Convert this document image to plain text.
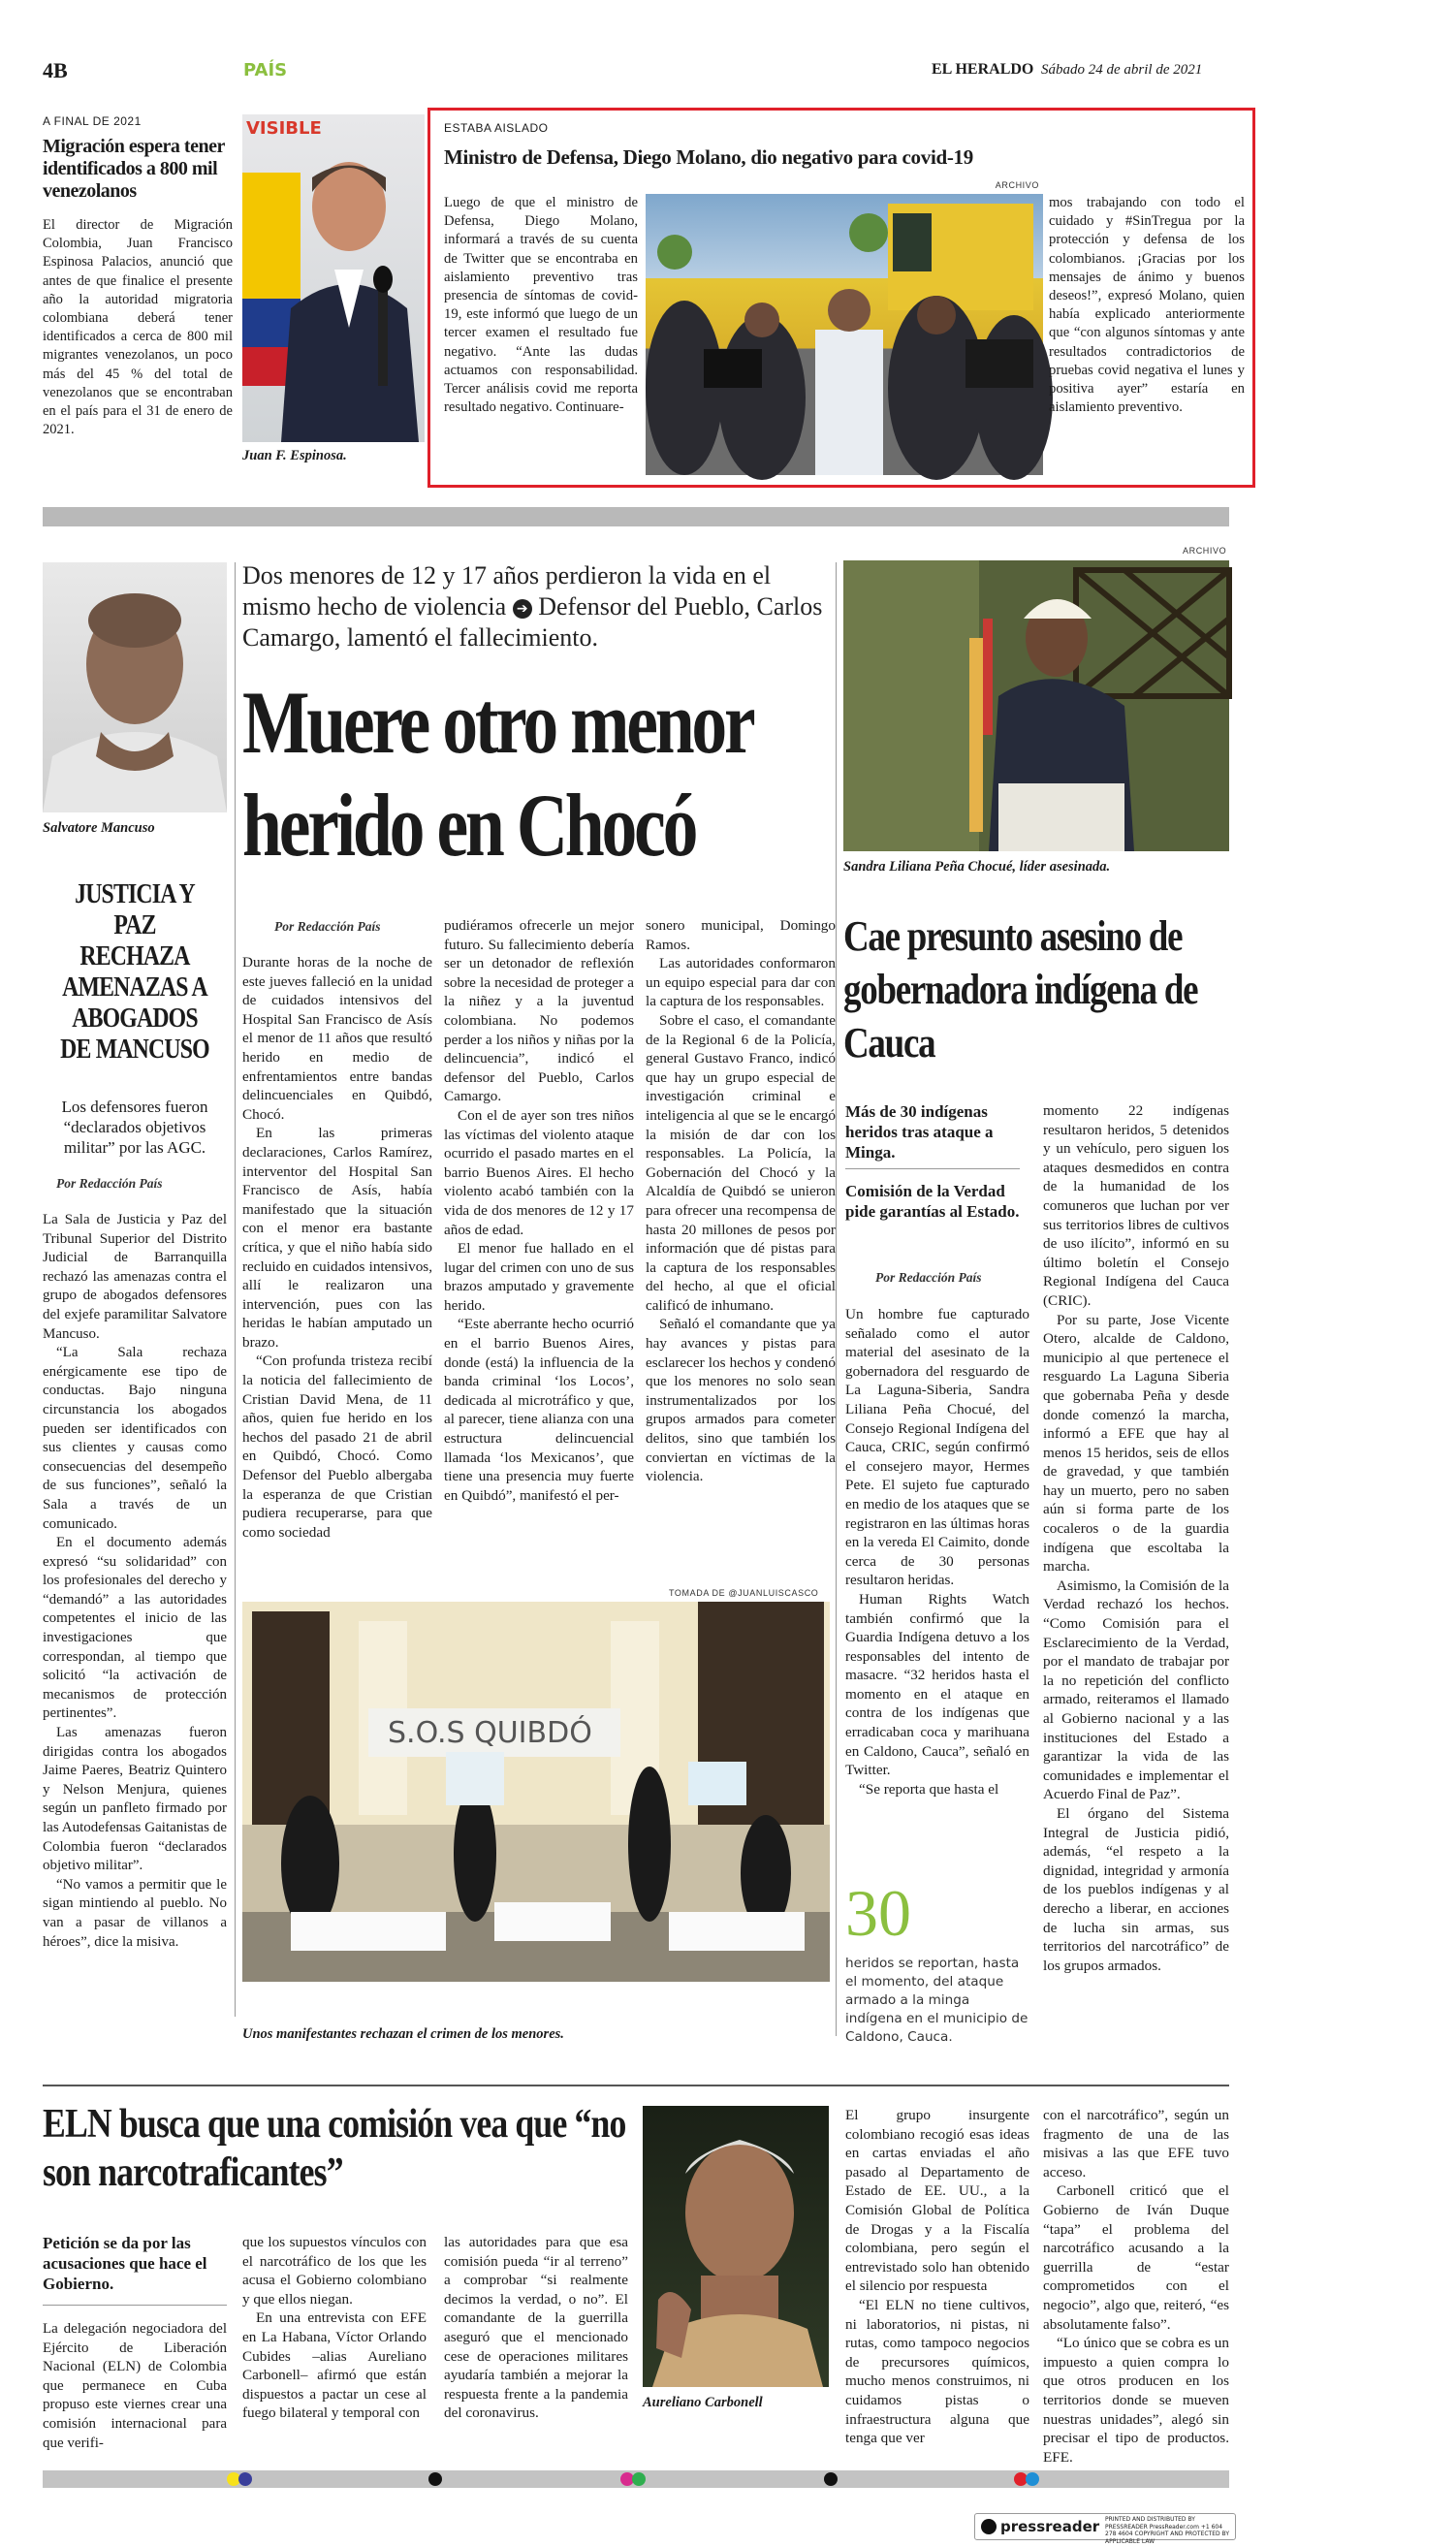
4B	PAÍS	EL HERALDO Sábado 24 de abril de 2021
A FINAL DE 2021
Migración espera tener identificados a 800 mil venezolanos
El director de Migración Colombia, Juan Francisco Espinosa Palacios, anunció que antes de que finalice el presente año la autoridad migratoria colombiana deberá tener identificados a cerca de 800 mil migrantes venezolanos, un poco más del 45 % del total de venezolanos que se encontraban en el país para el 31 de enero de 2021.
VISIBLE
Juan F. Espinosa.
ESTABA AISLADO
Ministro de Defensa, Diego Molano, dio negativo para covid-19
Luego de que el ministro de Defensa, Diego Molano, informará a través de su cuenta de Twitter que se encontraba en aislamiento preventivo tras presencia de síntomas de covid-19, este informó que luego de un tercer examen el resultado fue negativo. “Ante las dudas actuamos con responsabilidad. Tercer análisis covid me reporta resultado negativo. Continuare-
ARCHIVO
mos trabajando con todo el cuidado y #SinTregua por la protección y defensa de los colombianos. ¡Gracias por los mensajes de ánimo y buenos deseos!”, expresó Molano, quien había explicado anteriormente que “con algunos síntomas y ante resultados contradictorios de pruebas covid negativa el lunes y positiva ayer” estaría en aislamiento preventivo.
Salvatore Mancuso
JUSTICIA Y PAZ RECHAZA AMENAZAS A ABOGADOS DE MANCUSO
Los defensores fueron “declarados objetivos militar” por las AGC.
Por Redacción País

La Sala de Justicia y Paz del Tribunal Superior del Distrito Judicial de Barranquilla rechazó las amenazas contra el grupo de abogados defensores del exjefe paramilitar Salvatore Mancuso.

“La Sala rechaza enérgicamente ese tipo de conductas. Bajo ninguna circunstancia los abogados pueden ser identificados con sus clientes y causas como consecuencias del desempeño de sus funciones”, señaló la Sala a través de un comunicado.

En el documento además expresó “su solidaridad” con los profesionales del derecho y “demandó” a las autoridades competentes el inicio de las investigaciones que correspondan, al tiempo que solicitó “la activación de mecanismos de protección pertinentes”.

Las amenazas fueron dirigidas contra los abogados Jaime Paeres, Beatriz Quintero y Nelson Menjura, quienes según un panfleto firmado por las Autodefensas Gaitanistas de Colombia fueron “declarados objetivo militar”.

“No vamos a permitir que le sigan mintiendo al pueblo. No van a pasar de villanos a héroes”, dice la misiva.

Dos menores de 12 y 17 años perdieron la vida en el mismo hecho de violencia ➔ Defensor del Pueblo, Carlos Camargo, lamentó el fallecimiento.
Muere otro menor herido en Chocó
Por Redacción País

Durante horas de la noche de este jueves falleció en la unidad de cuidados intensivos del Hospital San Francisco de Asís el menor de 11 años que resultó herido en medio de enfrentamientos entre bandas delincuenciales en Quibdó, Chocó.

En las primeras declaraciones, Carlos Ramírez, interventor del Hospital San Francisco de Asís, había manifestado que la situación con el menor era bastante crítica, y que el niño había sido recluido en cuidados intensivos, allí le realizaron una intervención, pues con las heridas le habían amputado un brazo.

“Con profunda tristeza recibí la noticia del fallecimiento de Cristian David Mena, de 11 años, quien fue herido en los hechos del pasado 21 de abril en Quibdó, Chocó. Como Defensor del Pueblo albergaba la esperanza de que Cristian pudiera recuperarse, para que como sociedad

pudiéramos ofrecerle un mejor futuro. Su fallecimiento debería ser un detonador de reflexión sobre la necesidad de proteger a la niñez y a la juventud colombiana. No podemos perder a los niños y niñas por la delincuencia”, indicó el defensor del Pueblo, Carlos Camargo.

Con el de ayer son tres niños las víctimas del violento ataque ocurrido el pasado martes en el barrio Buenos Aires. El hecho violento acabó también con la vida de dos menores de 12 y 17 años de edad.

El menor fue hallado en el lugar del crimen con uno de sus brazos amputado y gravemente herido.

“Este aberrante hecho ocurrió en el barrio Buenos Aires, donde (está) la influencia de la banda criminal ‘los Locos’, dedicada al microtráfico y que, al parecer, tiene alianza con una estructura delincuencial llamada ‘los Mexicanos’, que tiene una presencia muy fuerte en Quibdó”, manifestó el per-

sonero municipal, Domingo Ramos.

Las autoridades conformaron un equipo especial para dar con la captura de los responsables.

Sobre el caso, el comandante de la Regional 6 de la Policía, general Gustavo Franco, indicó que hay un grupo especial de investigación criminal e inteligencia al que se le encargó la misión de dar con los responsables. La Policía, la Gobernación del Chocó y la Alcaldía de Quibdó se unieron para ofrecer una recompensa de hasta 20 millones de pesos por información que dé pistas para la captura de los responsables del hecho, al que el oficial calificó de inhumano.

Señaló el comandante que ya hay avances y pistas para esclarecer los hechos y condenó que los menores no solo sean instrumentalizados por los grupos armados para cometer delitos, sino que también los conviertan en víctimas de la violencia.

TOMADA DE @JUANLUISCASCO
S.O.S QUIBDÓ
Unos manifestantes rechazan el crimen de los menores.
ARCHIVO
Sandra Liliana Peña Chocué, líder asesinada.
Cae presunto asesino de gobernadora indígena de Cauca
Más de 30 indígenas heridos tras ataque a Minga.
Comisión de la Verdad pide garantías al Estado.
Por Redacción País

Un hombre fue capturado señalado como el autor material del asesinato de la gobernadora del resguardo de La Laguna-Siberia, Sandra Liliana Peña Chocué, del Consejo Regional Indígena del Cauca, CRIC, según confirmó el consejero mayor, Hermes Pete. El sujeto fue capturado en medio de los ataques que se registraron en las últimas horas en la vereda El Caimito, donde cerca de 30 personas resultaron heridas.

Human Rights Watch también confirmó que la Guardia Indígena detuvo a los responsables del intento de masacre. “32 heridos hasta el momento en el ataque en contra de los indígenas que erradicaban coca y marihuana en Caldono, Cauca”, señaló en Twitter.

“Se reporta que hasta el

30
heridos se reportan, hasta el momento, del ataque armado a la minga indígena en el municipio de Caldono, Cauca.

momento 22 indígenas resultaron heridos, 5 detenidos y un vehículo, pero siguen los ataques desmedidos en contra de la humanidad de los comuneros que luchan por ver sus territorios libres de cultivos de uso ilícito”, informó en su último boletín el Consejo Regional Indígena del Cauca (CRIC).

Por su parte, Jose Vicente Otero, alcalde de Caldono, municipio al que pertenece el resguardo La Laguna Siberia que gobernaba Peña y desde donde comenzó la marcha, informó a EFE que hay al menos 15 heridos, seis de ellos de gravedad, y que también hay un muerto, pero no saben aún si forma parte de los cocaleros o de la guardia indígena que escoltaba la marcha.

Asimismo, la Comisión de la Verdad rechazó los hechos. “Como Comisión para el Esclarecimiento de la Verdad, por el mandato de trabajar por la no repetición del conflicto armado, reiteramos el llamado al Gobierno nacional y a las instituciones del Estado a garantizar la vida de las comunidades e implementar el Acuerdo Final de Paz”.

El órgano del Sistema Integral de Justicia pidió, además, “el respeto a la dignidad, integridad y armonía de los pueblos indígenas y al derecho a liberar, en acciones de lucha sin armas, sus territorios del narcotráfico” de los grupos armados.

ELN busca que una comisión vea que “no son narcotraficantes”
Petición se da por las acusaciones que hace el Gobierno.
La delegación negociadora del Ejército de Liberación Nacional (ELN) de Colombia que permanece en Cuba propuso este viernes crear una comisión internacional para que verifi-

que los supuestos vínculos con el narcotráfico de los que les acusa el Gobierno colombiano y que ellos niegan.

En una entrevista con EFE en La Habana, Víctor Orlando Cubides –alias Aureliano Carbonell– afirmó que están dispuestos a pactar un cese al fuego bilateral y temporal con

las autoridades para que esa comisión pueda “ir al terreno” a comprobar “si realmente decimos la verdad, o no”. El comandante de la guerrilla aseguró que el mencionado cese de operaciones militares ayudaría también a mejorar la respuesta frente a la pandemia del coronavirus.
Aureliano Carbonell

El grupo insurgente colombiano recogió esas ideas en cartas enviadas el año pasado al Departamento de Estado de EE. UU., a la Comisión Global de Política de Drogas y a la Fiscalía colombiana, pero según el entrevistado solo han obtenido el silencio por respuesta

“El ELN no tiene cultivos, ni laboratorios, ni pistas, ni rutas, como tampoco negocios de precursores químicos, mucho menos construimos, ni cuidamos pistas o infraestructura alguna que tenga que ver

con el narcotráfico”, según un fragmento de una de las misivas a las que EFE tuvo acceso.

Carbonell criticó que el Gobierno de Iván Duque “tapa” el problema del narcotráfico acusando a la guerrilla de “estar comprometidos con el negocio”, algo que, reiteró, “es absolutamente falso”.

“Lo único que se cobra es un impuesto a quien compra lo que otros producen en los territorios donde se mueven nuestras unidades”, alegó sin precisar el tipo de productos. EFE.

pressreader PRINTED AND DISTRIBUTED BY PRESSREADER PressReader.com +1 604 278 4604 COPYRIGHT AND PROTECTED BY APPLICABLE LAW
